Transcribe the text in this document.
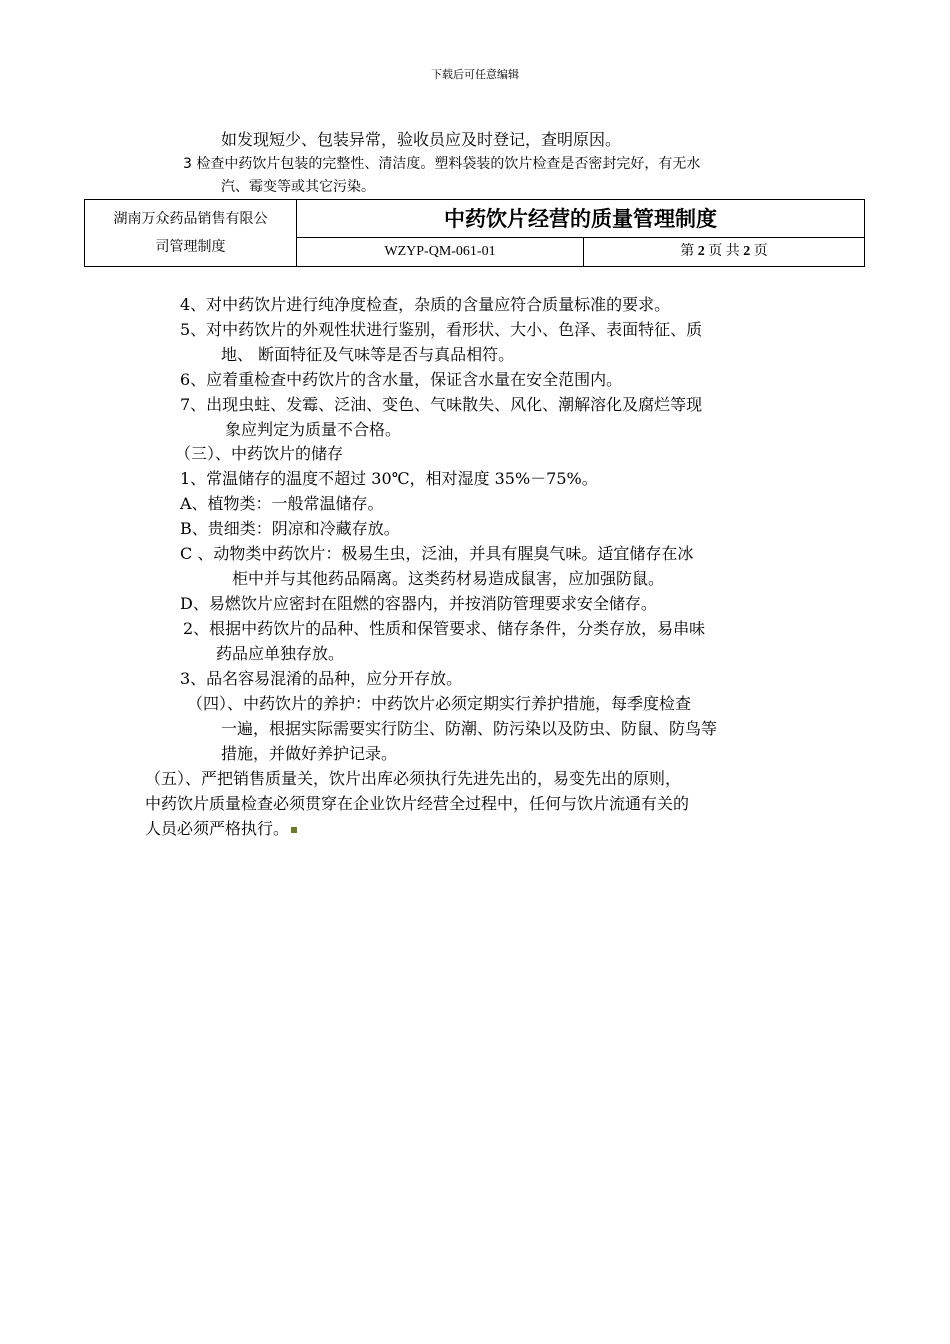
下载后可任意编辑
如发现短少、包装异常，验收员应及时登记，查明原因。
3 检查中药饮片包装的完整性、清洁度。塑料袋装的饮片检查是否密封完好，有无水
汽、霉变等或其它污染。
湖南万众药品销售有限公
司管理制度
中药饮片经营的质量管理制度
WZYP-QM-061-01	第 2 页 共 2 页
4、对中药饮片进行纯净度检查，杂质的含量应符合质量标准的要求。
5、对中药饮片的外观性状进行鉴别，看形状、大小、色泽、表面特征、质
地、 断面特征及气味等是否与真品相符。
6、应着重检查中药饮片的含水量，保证含水量在安全范围内。
7、出现虫蛀、发霉、泛油、变色、气味散失、风化、潮解溶化及腐烂等现
象应判定为质量不合格。
（三）、中药饮片的储存
1、常温储存的温度不超过 30℃，相对湿度 35%－75%。
A、植物类：一般常温储存。
B、贵细类：阴凉和冷藏存放。
C 、动物类中药饮片：极易生虫，泛油，并具有腥臭气味。适宜储存在冰
柜中并与其他药品隔离。这类药材易造成鼠害，应加强防鼠。
D、易燃饮片应密封在阻燃的容器内，并按消防管理要求安全储存。
2、根据中药饮片的品种、性质和保管要求、储存条件，分类存放，易串味
药品应单独存放。
3、品名容易混淆的品种，应分开存放。
（四）、中药饮片的养护：中药饮片必须定期实行养护措施，每季度检查
一遍，根据实际需要实行防尘、防潮、防污染以及防虫、防鼠、防鸟等
措施，并做好养护记录。
（五）、严把销售质量关，饮片出库必须执行先进先出的，易变先出的原则，
中药饮片质量检查必须贯穿在企业饮片经营全过程中，任何与饮片流通有关的
人员必须严格执行。
